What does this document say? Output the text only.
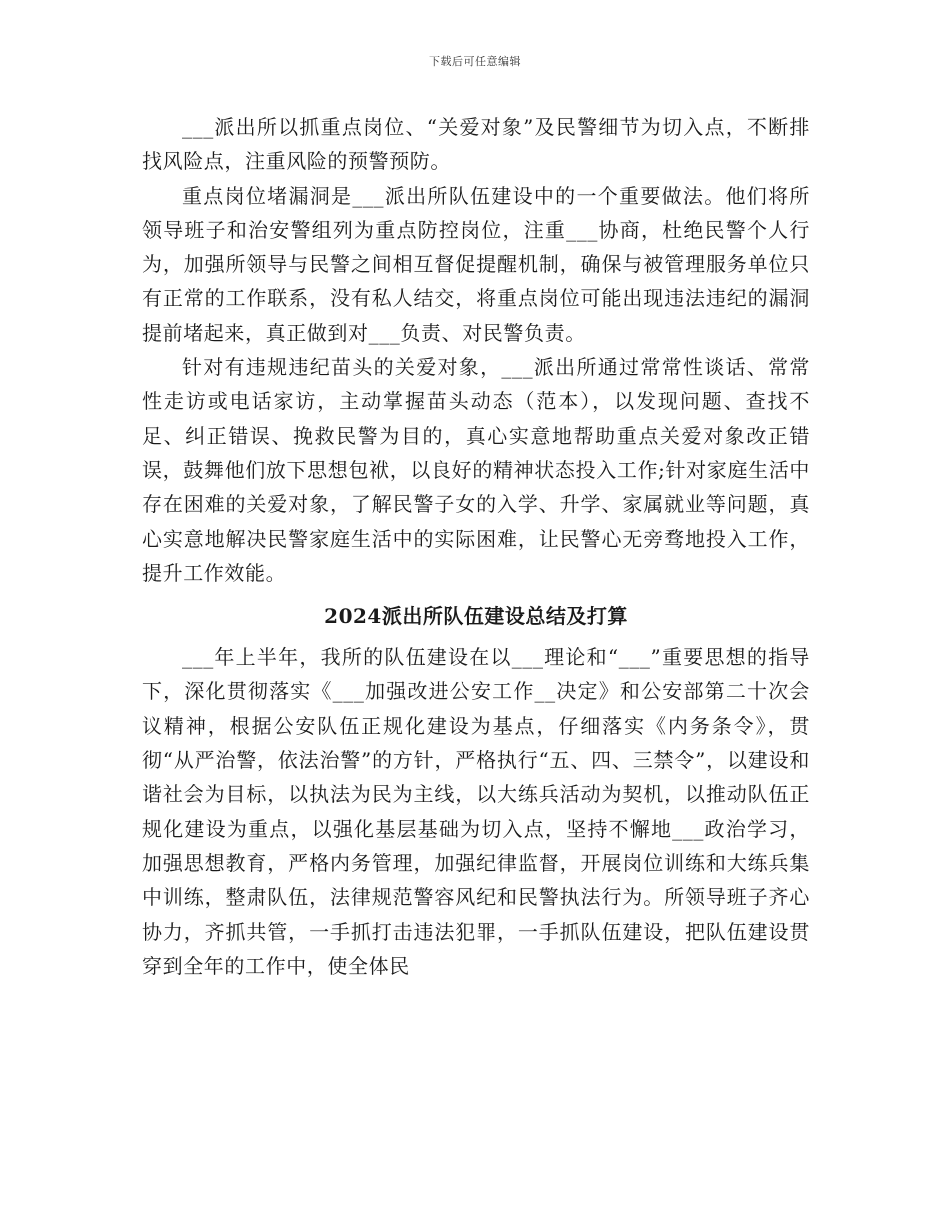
下载后可任意编辑

___派出所以抓重点岗位、“关爱对象”及民警细节为切入点，不断排找风险点，注重风险的预警预防。

重点岗位堵漏洞是___派出所队伍建设中的一个重要做法。他们将所领导班子和治安警组列为重点防控岗位，注重___协商，杜绝民警个人行为，加强所领导与民警之间相互督促提醒机制，确保与被管理服务单位只有正常的工作联系，没有私人结交，将重点岗位可能出现违法违纪的漏洞提前堵起来，真正做到对___负责、对民警负责。

针对有违规违纪苗头的关爱对象，___派出所通过常常性谈话、常常性走访或电话家访，主动掌握苗头动态（范本），以发现问题、查找不足、纠正错误、挽救民警为目的，真心实意地帮助重点关爱对象改正错误，鼓舞他们放下思想包袱，以良好的精神状态投入工作;针对家庭生活中存在困难的关爱对象，了解民警子女的入学、升学、家属就业等问题，真心实意地解决民警家庭生活中的实际困难，让民警心无旁骛地投入工作，提升工作效能。

2024派出所队伍建设总结及打算

___年上半年，我所的队伍建设在以___理论和“___”重要思想的指导下，深化贯彻落实《___加强改进公安工作__决定》和公安部第二十次会议精神，根据公安队伍正规化建设为基点，仔细落实《内务条令》，贯彻“从严治警，依法治警”的方针，严格执行“五、四、三禁令”，以建设和谐社会为目标，以执法为民为主线，以大练兵活动为契机，以推动队伍正规化建设为重点，以强化基层基础为切入点，坚持不懈地___政治学习，加强思想教育，严格内务管理，加强纪律监督，开展岗位训练和大练兵集中训练，整肃队伍，法律规范警容风纪和民警执法行为。所领导班子齐心协力，齐抓共管，一手抓打击违法犯罪，一手抓队伍建设，把队伍建设贯穿到全年的工作中，使全体民
